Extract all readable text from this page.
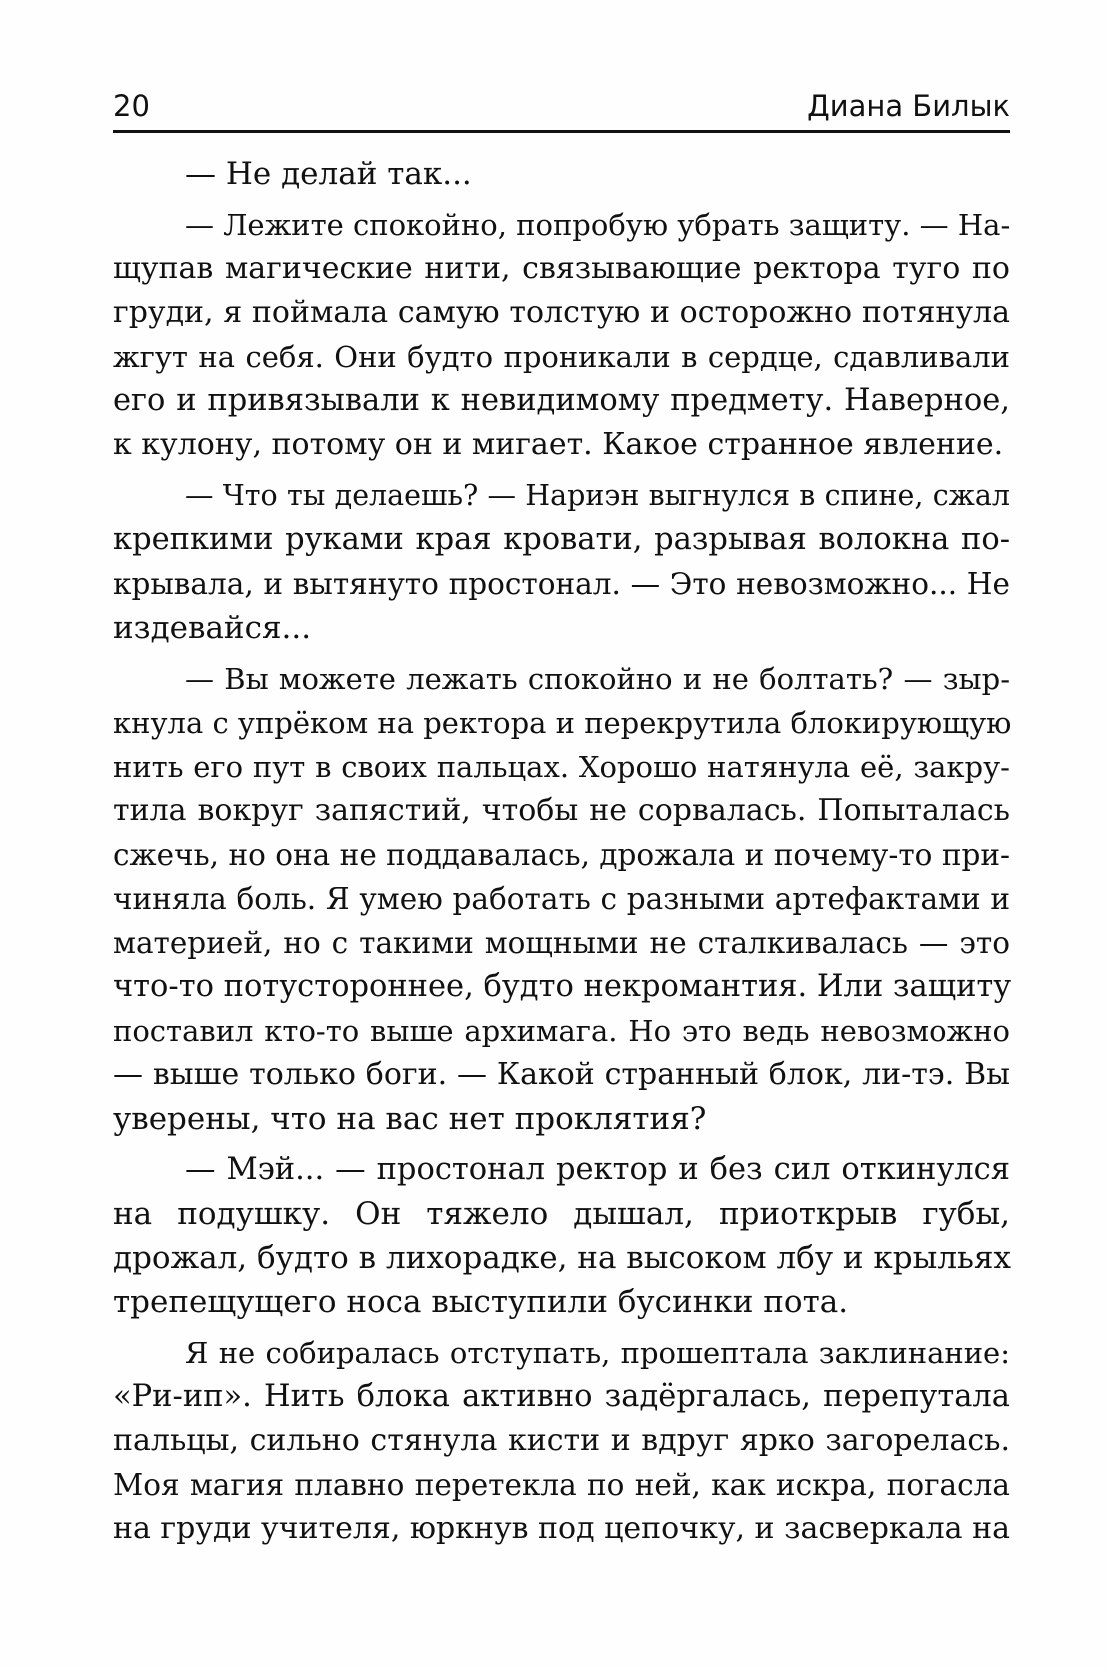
20	Диана Билык
— Не делай так...
— Лежите спокойно, попробую убрать защиту. — На-
щупав магические нити, связывающие ректора туго по
груди, я поймала самую толстую и осторожно потянула
жгут на себя. Они будто проникали в сердце, сдавливали
его и привязывали к невидимому предмету. Наверное,
к кулону, потому он и мигает. Какое странное явление.
— Что ты делаешь? — Нариэн выгнулся в спине, сжал
крепкими руками края кровати, разрывая волокна по-
крывала, и вытянуто простонал. — Это невозможно... Не
издевайся...
— Вы можете лежать спокойно и не болтать? — зыр-
кнула с упрёком на ректора и перекрутила блокирующую
нить его пут в своих пальцах. Хорошо натянула её, закру-
тила вокруг запястий, чтобы не сорвалась. Попыталась
сжечь, но она не поддавалась, дрожала и почему-то при-
чиняла боль. Я умею работать с разными артефактами и
материей, но с такими мощными не сталкивалась — это
что-то потустороннее, будто некромантия. Или защиту
поставил кто-то выше архимага. Но это ведь невозможно
— выше только боги. — Какой странный блок, ли-тэ. Вы
уверены, что на вас нет проклятия?
— Мэй... — простонал ректор и без сил откинулся
на подушку. Он тяжело дышал, приоткрыв губы,
дрожал, будто в лихорадке, на высоком лбу и крыльях
трепещущего носа выступили бусинки пота.
Я не собиралась отступать, прошептала заклинание:
«Ри-ип». Нить блока активно задёргалась, перепутала
пальцы, сильно стянула кисти и вдруг ярко загорелась.
Моя магия плавно перетекла по ней, как искра, погасла
на груди учителя, юркнув под цепочку, и засверкала на
